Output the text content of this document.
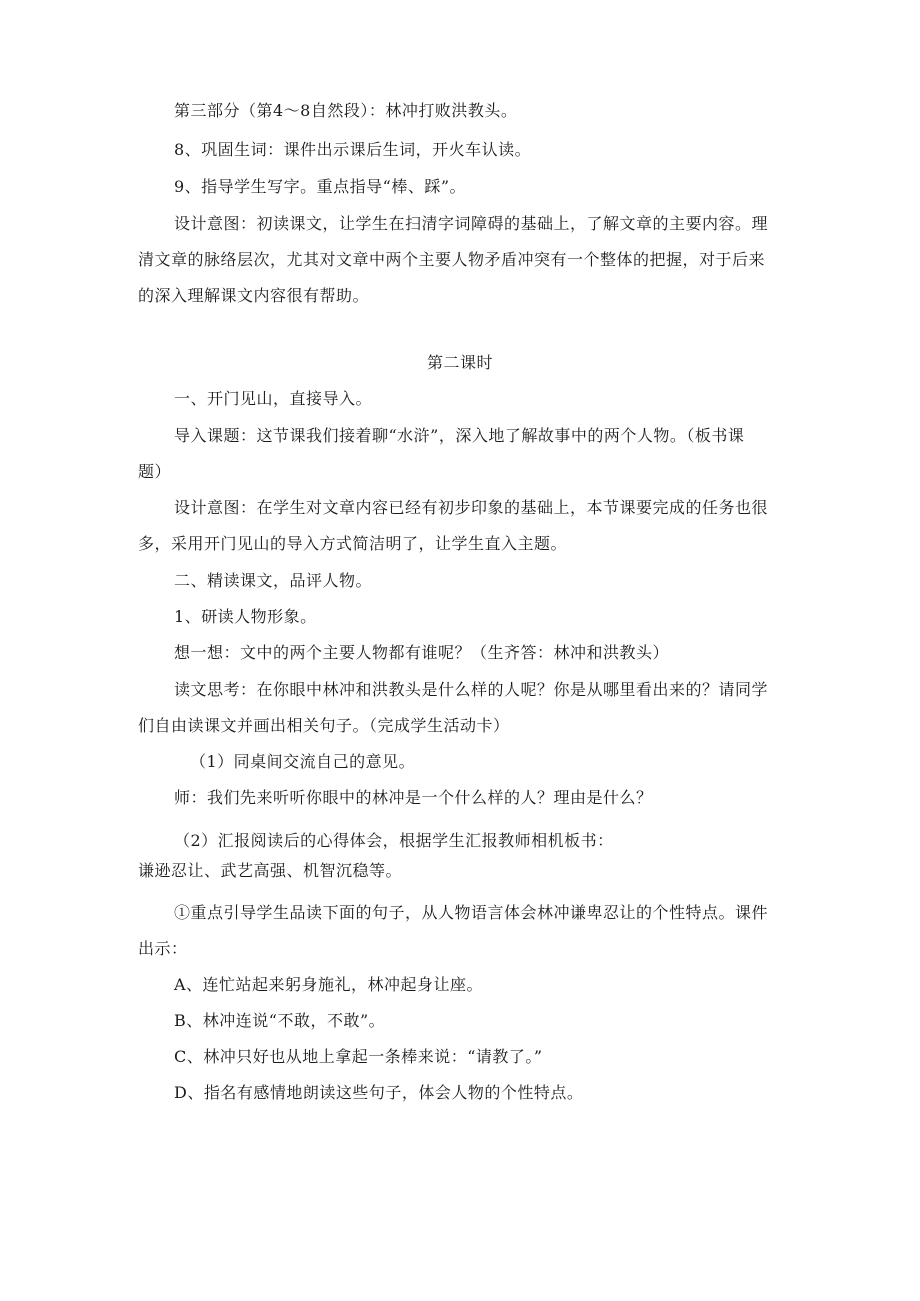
第三部分（第4～8自然段）：林冲打败洪教头。

8、巩固生词：课件出示课后生词，开火车认读。

9、指导学生写字。重点指导“棒、踩”。

设计意图：初读课文，让学生在扫清字词障碍的基础上，了解文章的主要内容。理

清文章的脉络层次，尤其对文章中两个主要人物矛盾冲突有一个整体的把握，对于后来

的深入理解课文内容很有帮助。

第二课时

一、开门见山，直接导入。

导入课题：这节课我们接着聊“水浒”，深入地了解故事中的两个人物。（板书课

题）

设计意图：在学生对文章内容已经有初步印象的基础上，本节课要完成的任务也很

多，采用开门见山的导入方式简洁明了，让学生直入主题。

二、精读课文，品评人物。

1、研读人物形象。

想一想：文中的两个主要人物都有谁呢？（生齐答：林冲和洪教头）

读文思考：在你眼中林冲和洪教头是什么样的人呢？你是从哪里看出来的？请同学

们自由读课文并画出相关句子。（完成学生活动卡）

（1）同桌间交流自己的意见。

师：我们先来听听你眼中的林冲是一个什么样的人？理由是什么？

（2）汇报阅读后的心得体会，根据学生汇报教师相机板书：

谦逊忍让、武艺高强、机智沉稳等。

①重点引导学生品读下面的句子，从人物语言体会林冲谦卑忍让的个性特点。课件

出示：

A、连忙站起来躬身施礼，林冲起身让座。

B、林冲连说“不敢，不敢”。

C、林冲只好也从地上拿起一条棒来说：“请教了。”

D、指名有感情地朗读这些句子，体会人物的个性特点。
